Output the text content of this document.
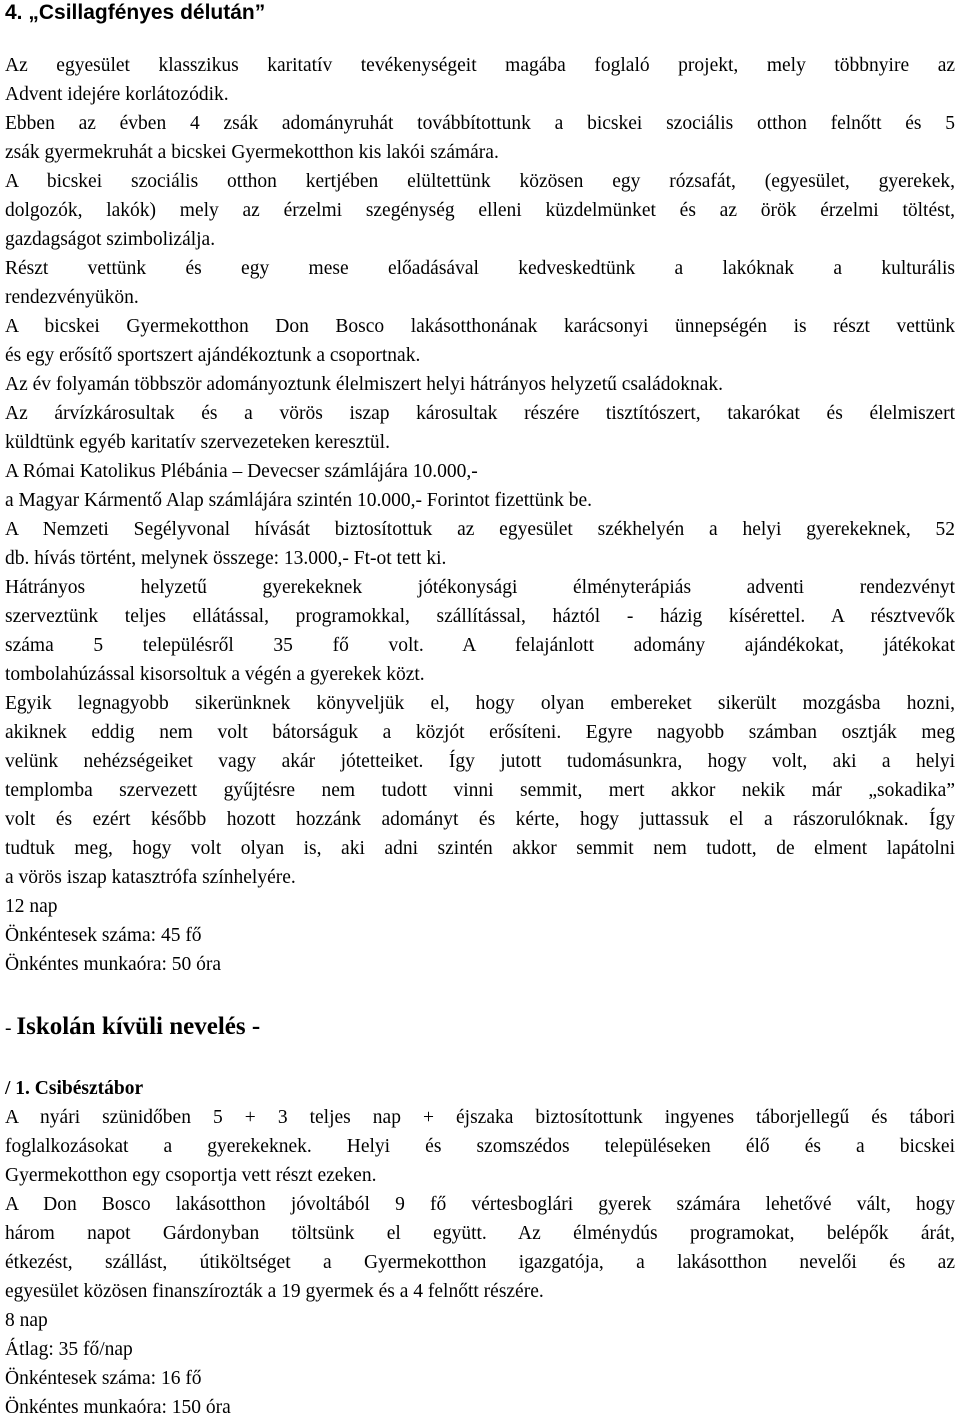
4. „Csillagfényes délután”

Az egyesület klasszikus karitatív tevékenységeit magába foglaló projekt, mely többnyire az
Advent idejére korlátozódik.

Ebben az évben 4 zsák adományruhát továbbítottunk a bicskei szociális otthon felnőtt és 5
zsák gyermekruhát a bicskei Gyermekotthon kis lakói számára.

A bicskei szociális otthon kertjében elültettünk közösen egy rózsafát, (egyesület, gyerekek,
dolgozók, lakók) mely az érzelmi szegénység elleni küzdelmünket és az örök érzelmi töltést,
gazdagságot szimbolizálja.

Részt vettünk és egy mese előadásával kedveskedtünk a lakóknak a kulturális
rendezvényükön.

A bicskei Gyermekotthon Don Bosco lakásotthonának karácsonyi ünnepségén is részt vettünk
és egy erősítő sportszert ajándékoztunk a csoportnak.

Az év folyamán többször adományoztunk élelmiszert helyi hátrányos helyzetű családoknak.

Az árvízkárosultak és a vörös iszap károsultak részére tisztítószert, takarókat és élelmiszert
küldtünk egyéb karitatív szervezeteken keresztül.

A Római Katolikus Plébánia – Devecser számlájára 10.000,-
a Magyar Kármentő Alap számlájára szintén 10.000,- Forintot fizettünk be.

A Nemzeti Segélyvonal hívását biztosítottuk az egyesület székhelyén a helyi gyerekeknek, 52
db. hívás történt, melynek összege: 13.000,- Ft-ot tett ki.

Hátrányos helyzetű gyerekeknek jótékonysági élményterápiás adventi rendezvényt
szerveztünk teljes ellátással, programokkal, szállítással, háztól - házig kísérettel. A résztvevők
száma 5 településről 35 fő volt. A felajánlott adomány ajándékokat, játékokat
tombolahúzással kisorsoltuk a végén a gyerekek közt.

Egyik legnagyobb sikerünknek könyveljük el, hogy olyan embereket sikerült mozgásba hozni,
akiknek eddig nem volt bátorságuk a közjót erősíteni. Egyre nagyobb számban osztják meg
velünk nehézségeiket vagy akár jótetteiket. Így jutott tudomásunkra, hogy volt, aki a helyi
templomba szervezett gyűjtésre nem tudott vinni semmit, mert akkor nekik már „sokadika”
volt és ezért később hozott hozzánk adományt és kérte, hogy juttassuk el a rászorulóknak. Így
tudtuk meg, hogy volt olyan is, aki adni szintén akkor semmit nem tudott, de elment lapátolni
a vörös iszap katasztrófa színhelyére.

12 nap
Önkéntesek száma: 45 fő
Önkéntes munkaóra: 50 óra

- Iskolán kívüli nevelés -

/ 1. Csibésztábor

A nyári szünidőben 5 + 3 teljes nap + éjszaka biztosítottunk ingyenes táborjellegű és tábori
foglalkozásokat a gyerekeknek. Helyi és szomszédos településeken élő és a bicskei
Gyermekotthon egy csoportja vett részt ezeken.

A Don Bosco lakásotthon jóvoltából 9 fő vértesboglári gyerek számára lehetővé vált, hogy
három napot Gárdonyban töltsünk el együtt. Az élménydús programokat, belépők árát,
étkezést, szállást, útiköltséget a Gyermekotthon igazgatója, a lakásotthon nevelői és az
egyesület közösen finanszírozták a 19 gyermek és a 4 felnőtt részére.

8 nap
Átlag: 35 fő/nap
Önkéntesek száma: 16 fő
Önkéntes munkaóra: 150 óra
